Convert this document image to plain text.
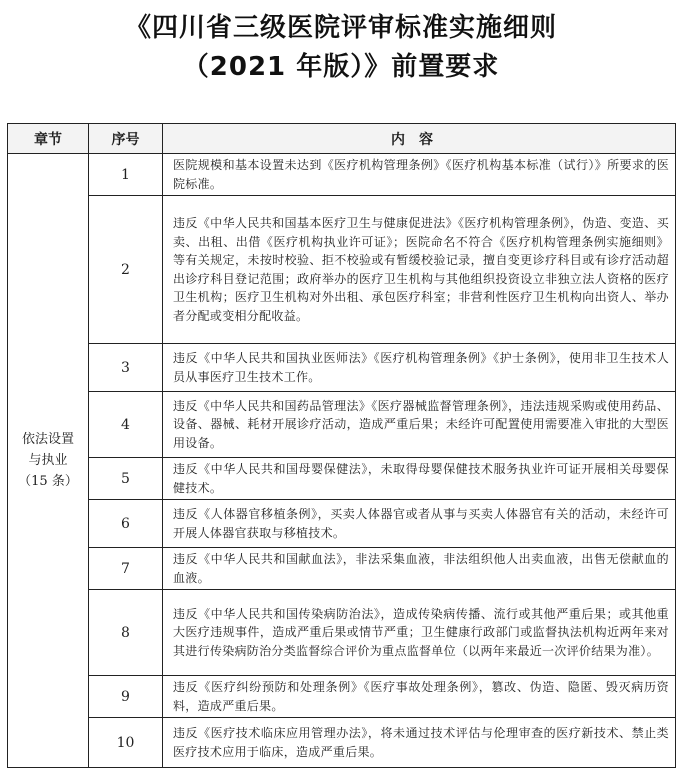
《四川省三级医院评审标准实施细则
（2021 年版）》前置要求
章节	序号	内容

依法设置
与执业
（15 条）	1	医院规模和基本设置未达到《医疗机构管理条例》《医疗机构基本标准（试行）》所要求的医院标准。
	2	违反《中华人民共和国基本医疗卫生与健康促进法》《医疗机构管理条例》，伪造、变造、买卖、出租、出借《医疗机构执业许可证》；医院命名不符合《医疗机构管理条例实施细则》等有关规定，未按时校验、拒不校验或有暂缓校验记录，擅自变更诊疗科目或有诊疗活动超出诊疗科目登记范围；政府举办的医疗卫生机构与其他组织投资设立非独立法人资格的医疗卫生机构；医疗卫生机构对外出租、承包医疗科室；非营利性医疗卫生机构向出资人、举办者分配或变相分配收益。
	3	违反《中华人民共和国执业医师法》《医疗机构管理条例》《护士条例》，使用非卫生技术人员从事医疗卫生技术工作。
	4	违反《中华人民共和国药品管理法》《医疗器械监督管理条例》，违法违规采购或使用药品、设备、器械、耗材开展诊疗活动，造成严重后果；未经许可配置使用需要准入审批的大型医用设备。
	5	违反《中华人民共和国母婴保健法》，未取得母婴保健技术服务执业许可证开展相关母婴保健技术。
	6	违反《人体器官移植条例》，买卖人体器官或者从事与买卖人体器官有关的活动，未经许可开展人体器官获取与移植技术。
	7	违反《中华人民共和国献血法》，非法采集血液，非法组织他人出卖血液，出售无偿献血的血液。
	8	违反《中华人民共和国传染病防治法》，造成传染病传播、流行或其他严重后果；或其他重大医疗违规事件，造成严重后果或情节严重；卫生健康行政部门或监督执法机构近两年来对其进行传染病防治分类监督综合评价为重点监督单位（以两年来最近一次评价结果为准）。
	9	违反《医疗纠纷预防和处理条例》《医疗事故处理条例》，篡改、伪造、隐匿、毁灭病历资料，造成严重后果。
	10	违反《医疗技术临床应用管理办法》，将未通过技术评估与伦理审查的医疗新技术、禁止类医疗技术应用于临床，造成严重后果。
